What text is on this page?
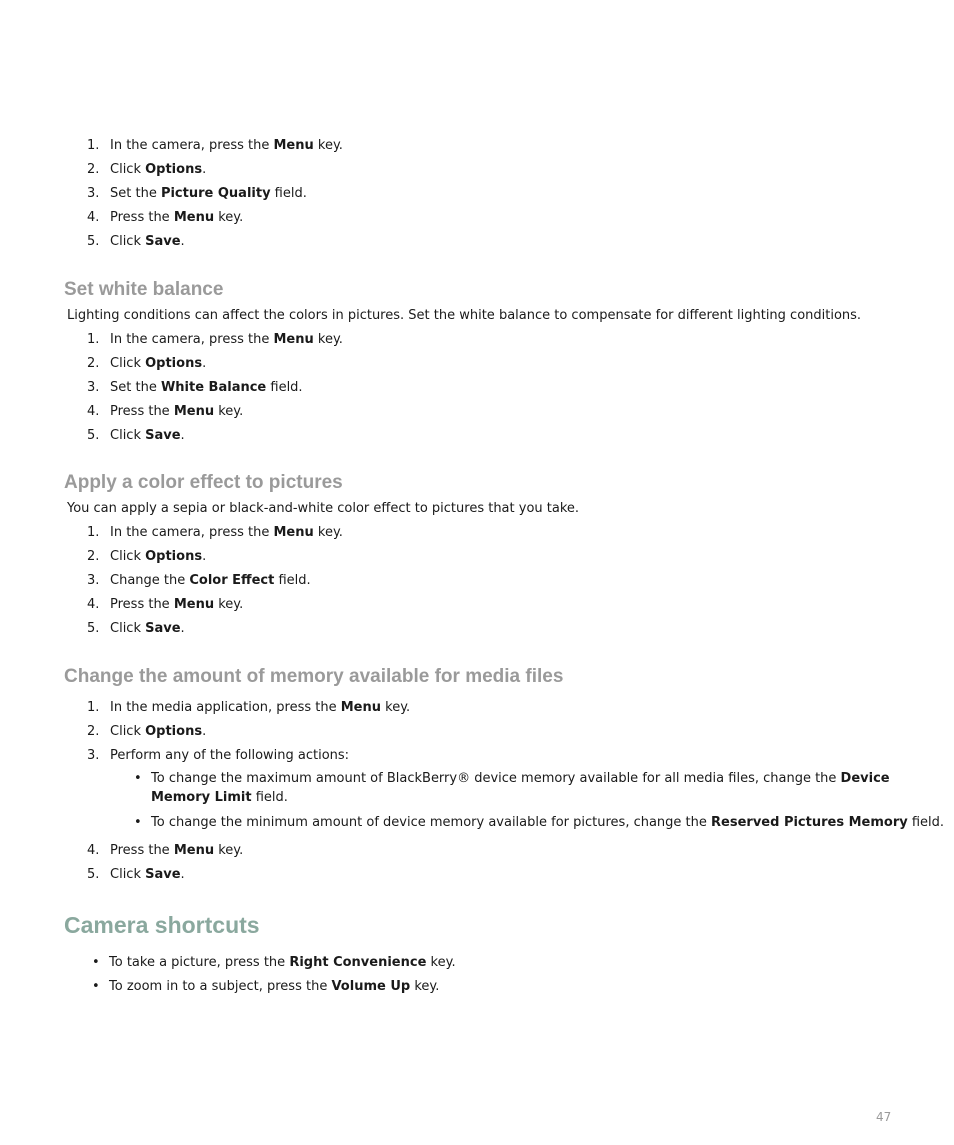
1. In the camera, press the Menu key.
2. Click Options.
3. Set the Picture Quality field.
4. Press the Menu key.
5. Click Save.
Set white balance

Lighting conditions can affect the colors in pictures. Set the white balance to compensate for different lighting conditions.

1. In the camera, press the Menu key.
2. Click Options.
3. Set the White Balance field.
4. Press the Menu key.
5. Click Save.
Apply a color effect to pictures

You can apply a sepia or black-and-white color effect to pictures that you take.

1. In the camera, press the Menu key.
2. Click Options.
3. Change the Color Effect field.
4. Press the Menu key.
5. Click Save.
Change the amount of memory available for media files
1. In the media application, press the Menu key.
2. Click Options.
3. Perform any of the following actions:
• To change the maximum amount of BlackBerry® device memory available for all media files, change the Device Memory Limit field.
• To change the minimum amount of device memory available for pictures, change the Reserved Pictures Memory field.
4. Press the Menu key.
5. Click Save.
Camera shortcuts
• To take a picture, press the Right Convenience key.
• To zoom in to a subject, press the Volume Up key.
47
